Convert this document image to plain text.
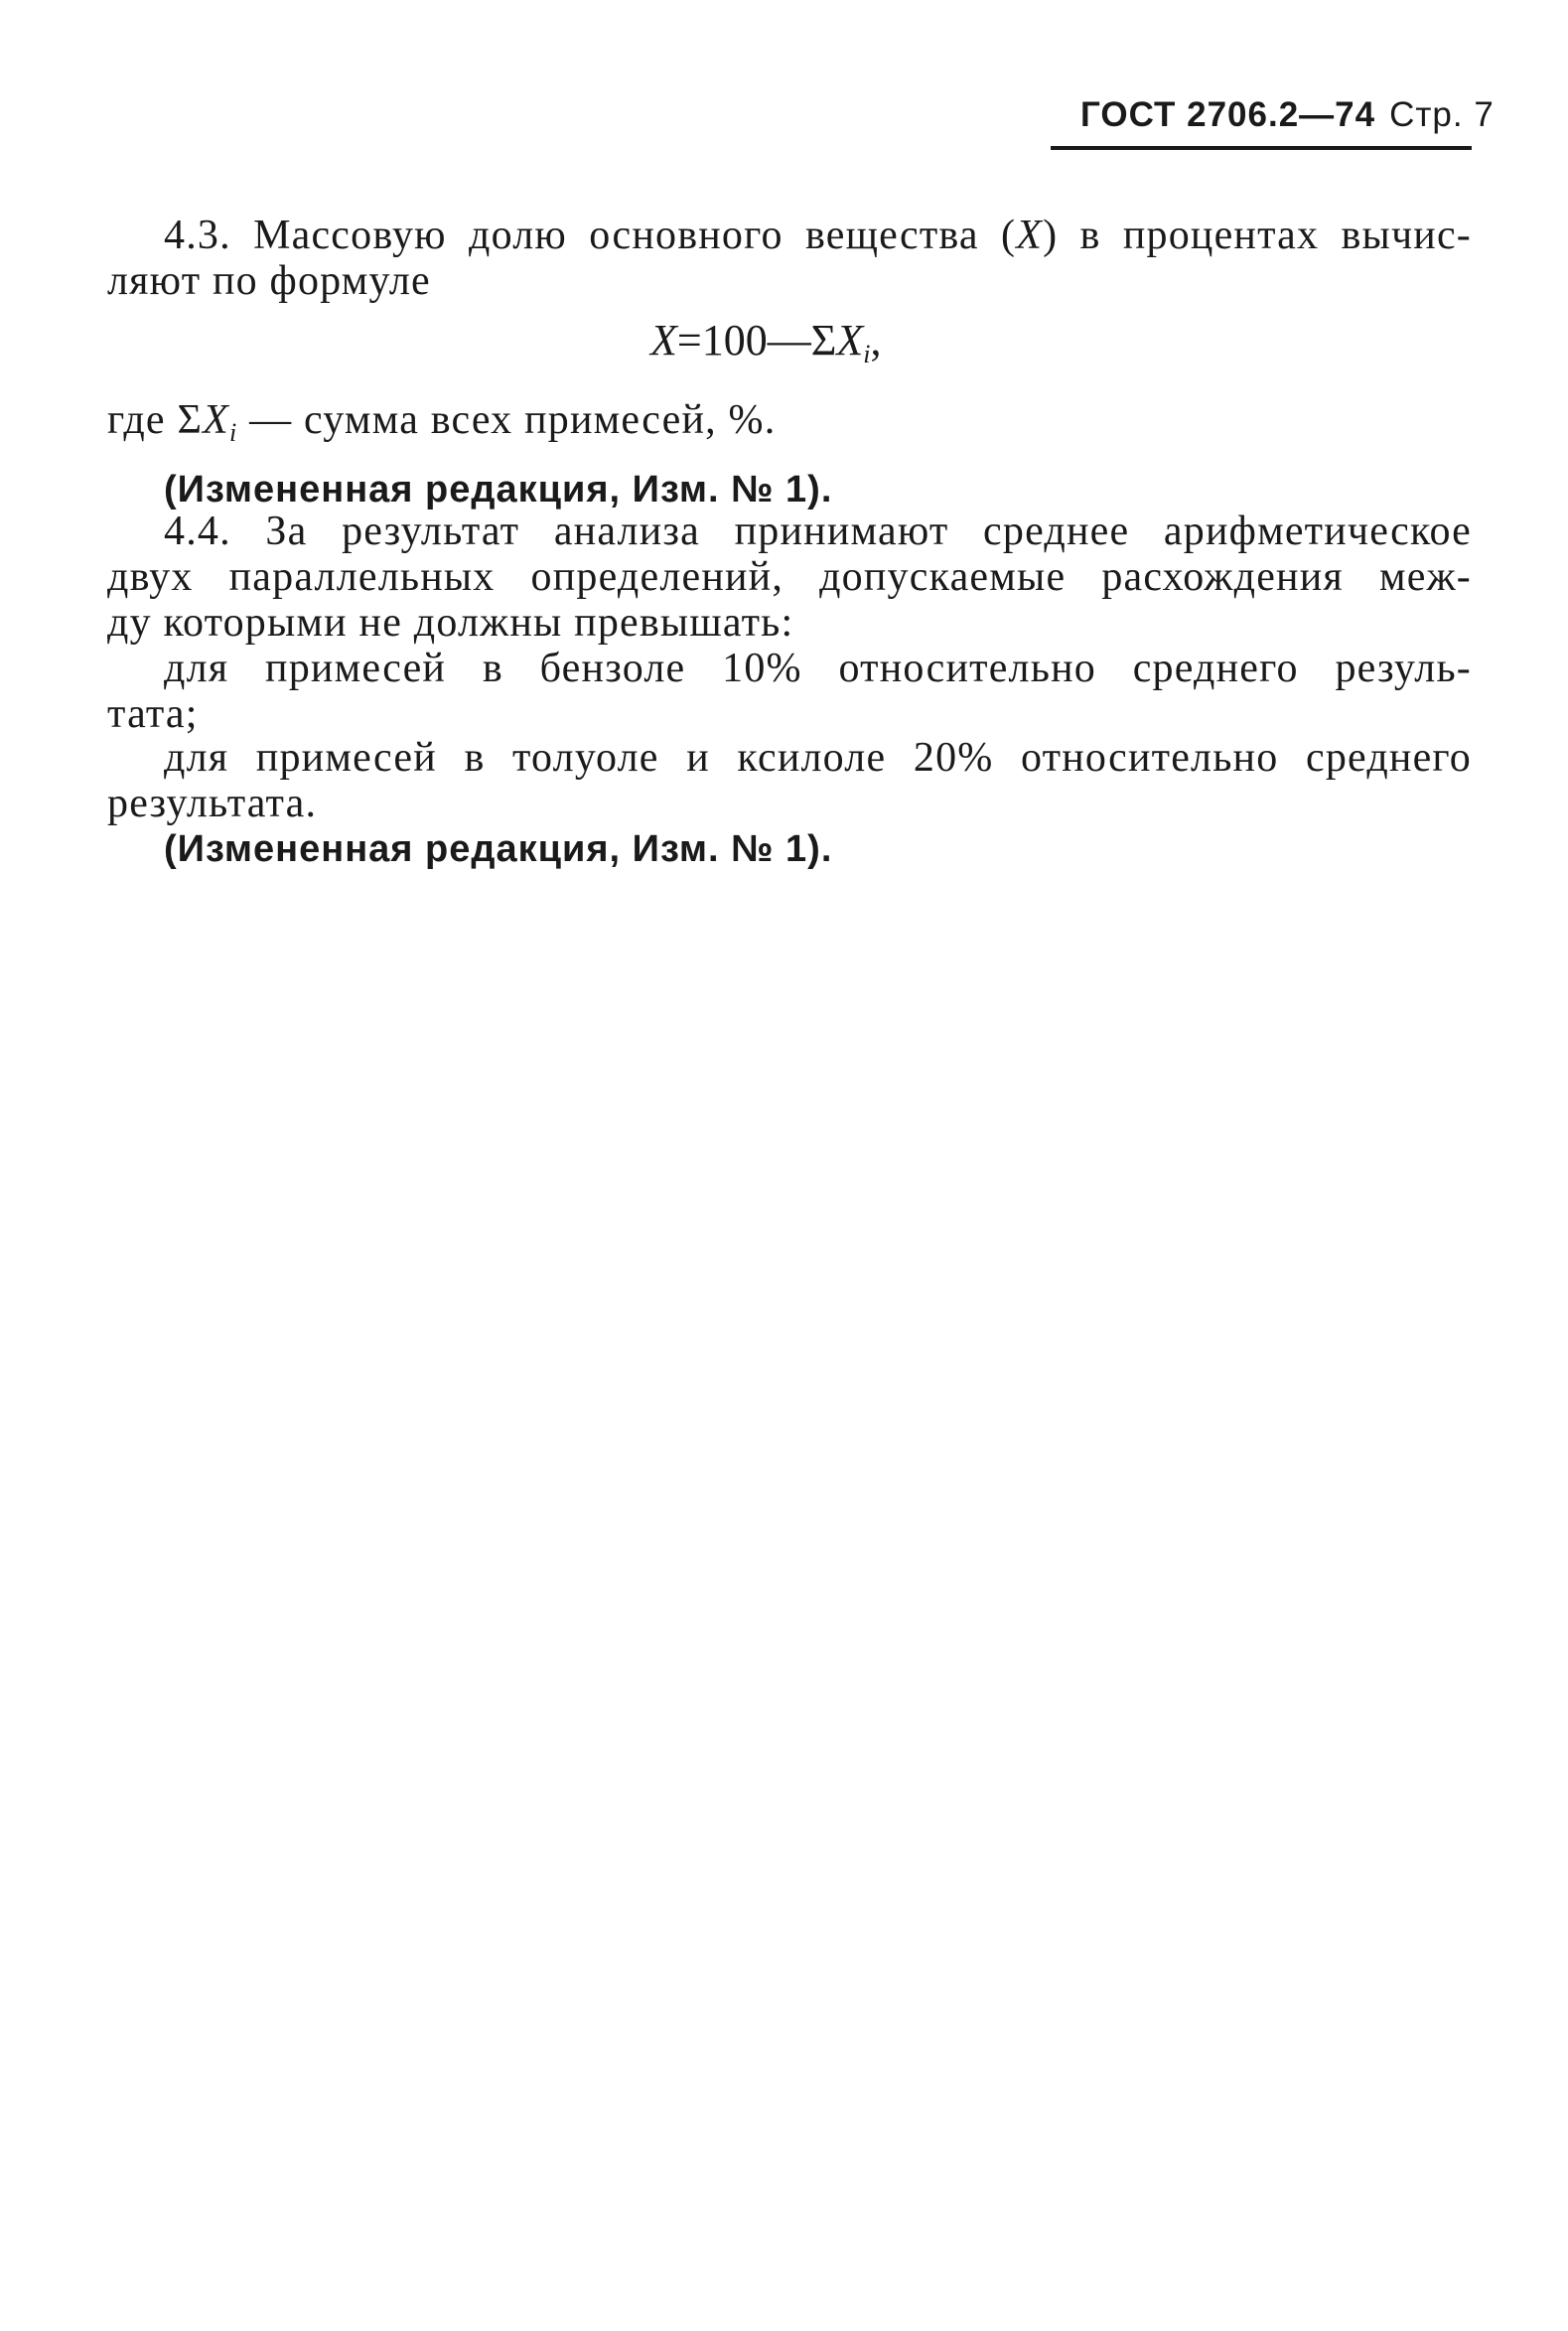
ГОСТ 2706.2—74 Стр. 7
4.3. Массовую долю основного вещества (X) в процентах вычис-
ляют по формуле
$X=100—\Sigma X_i$,
где $\Sigma X_i$ — сумма всех примесей, %.
(Измененная редакция, Изм. № 1).
4.4. За результат анализа принимают среднее арифметическое
двух параллельных определений, допускаемые расхождения меж-
ду которыми не должны превышать:
для примесей в бензоле 10% относительно среднего резуль-
тата;
для примесей в толуоле и ксилоле 20% относительно среднего
результата.
(Измененная редакция, Изм. № 1).
